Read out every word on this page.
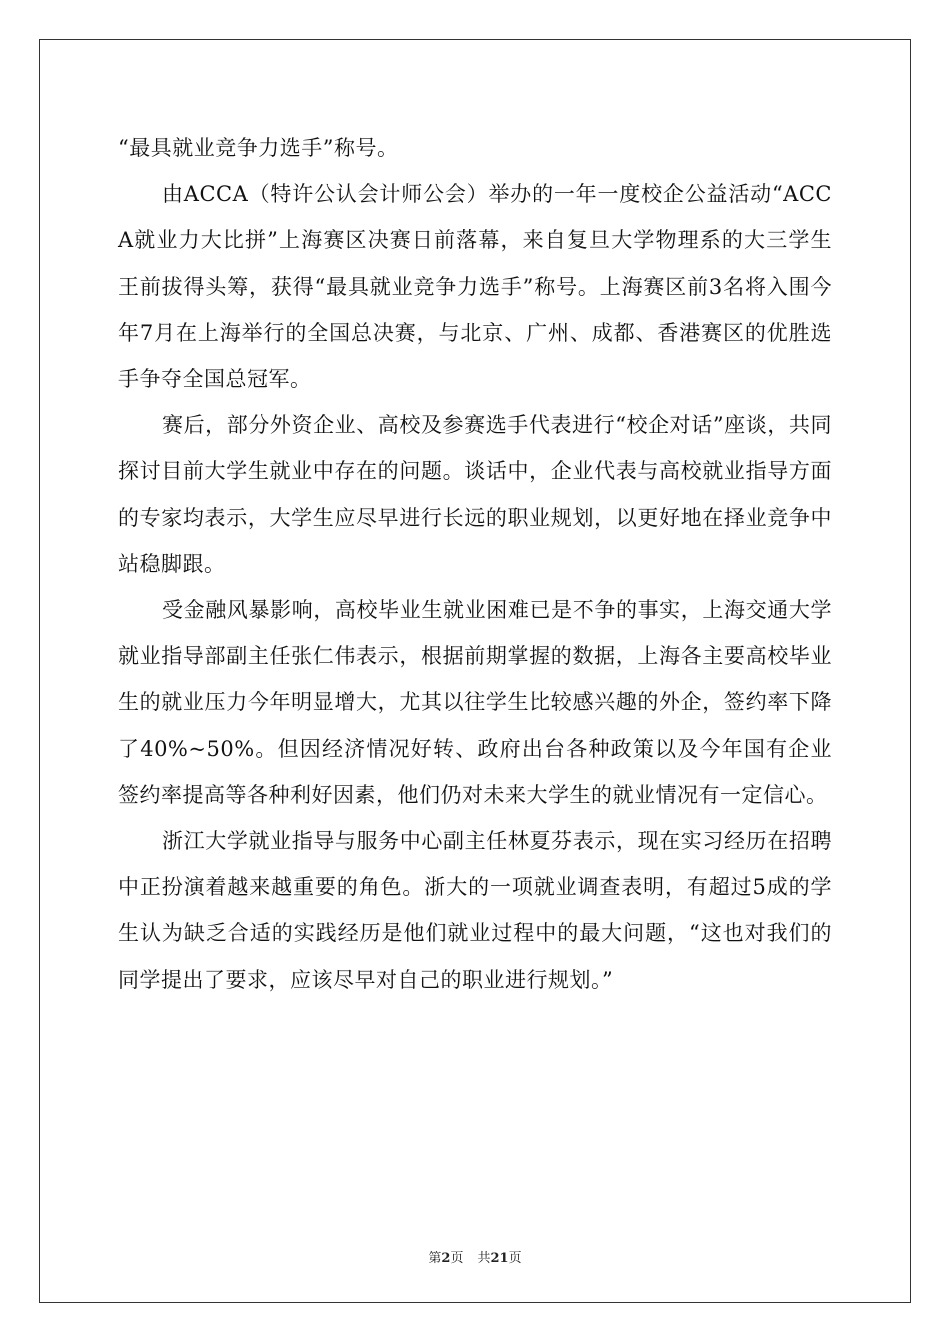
“最具就业竞争力选手”称号。

由ACCA（特许公认会计师公会）举办的一年一度校企公益活动“ACCA就业力大比拼”上海赛区决赛日前落幕，来自复旦大学物理系的大三学生王前拔得头筹，获得“最具就业竞争力选手”称号。上海赛区前3名将入围今年7月在上海举行的全国总决赛，与北京、广州、成都、香港赛区的优胜选手争夺全国总冠军。

赛后，部分外资企业、高校及参赛选手代表进行“校企对话”座谈，共同探讨目前大学生就业中存在的问题。谈话中，企业代表与高校就业指导方面的专家均表示，大学生应尽早进行长远的职业规划，以更好地在择业竞争中站稳脚跟。

受金融风暴影响，高校毕业生就业困难已是不争的事实，上海交通大学就业指导部副主任张仁伟表示，根据前期掌握的数据，上海各主要高校毕业生的就业压力今年明显增大，尤其以往学生比较感兴趣的外企，签约率下降了40%~50%。但因经济情况好转、政府出台各种政策以及今年国有企业签约率提高等各种利好因素，他们仍对未来大学生的就业情况有一定信心。

浙江大学就业指导与服务中心副主任林夏芬表示，现在实习经历在招聘中正扮演着越来越重要的角色。浙大的一项就业调查表明，有超过5成的学生认为缺乏合适的实践经历是他们就业过程中的最大问题，“这也对我们的同学提出了要求，应该尽早对自己的职业进行规划。”

第2页 共21页
